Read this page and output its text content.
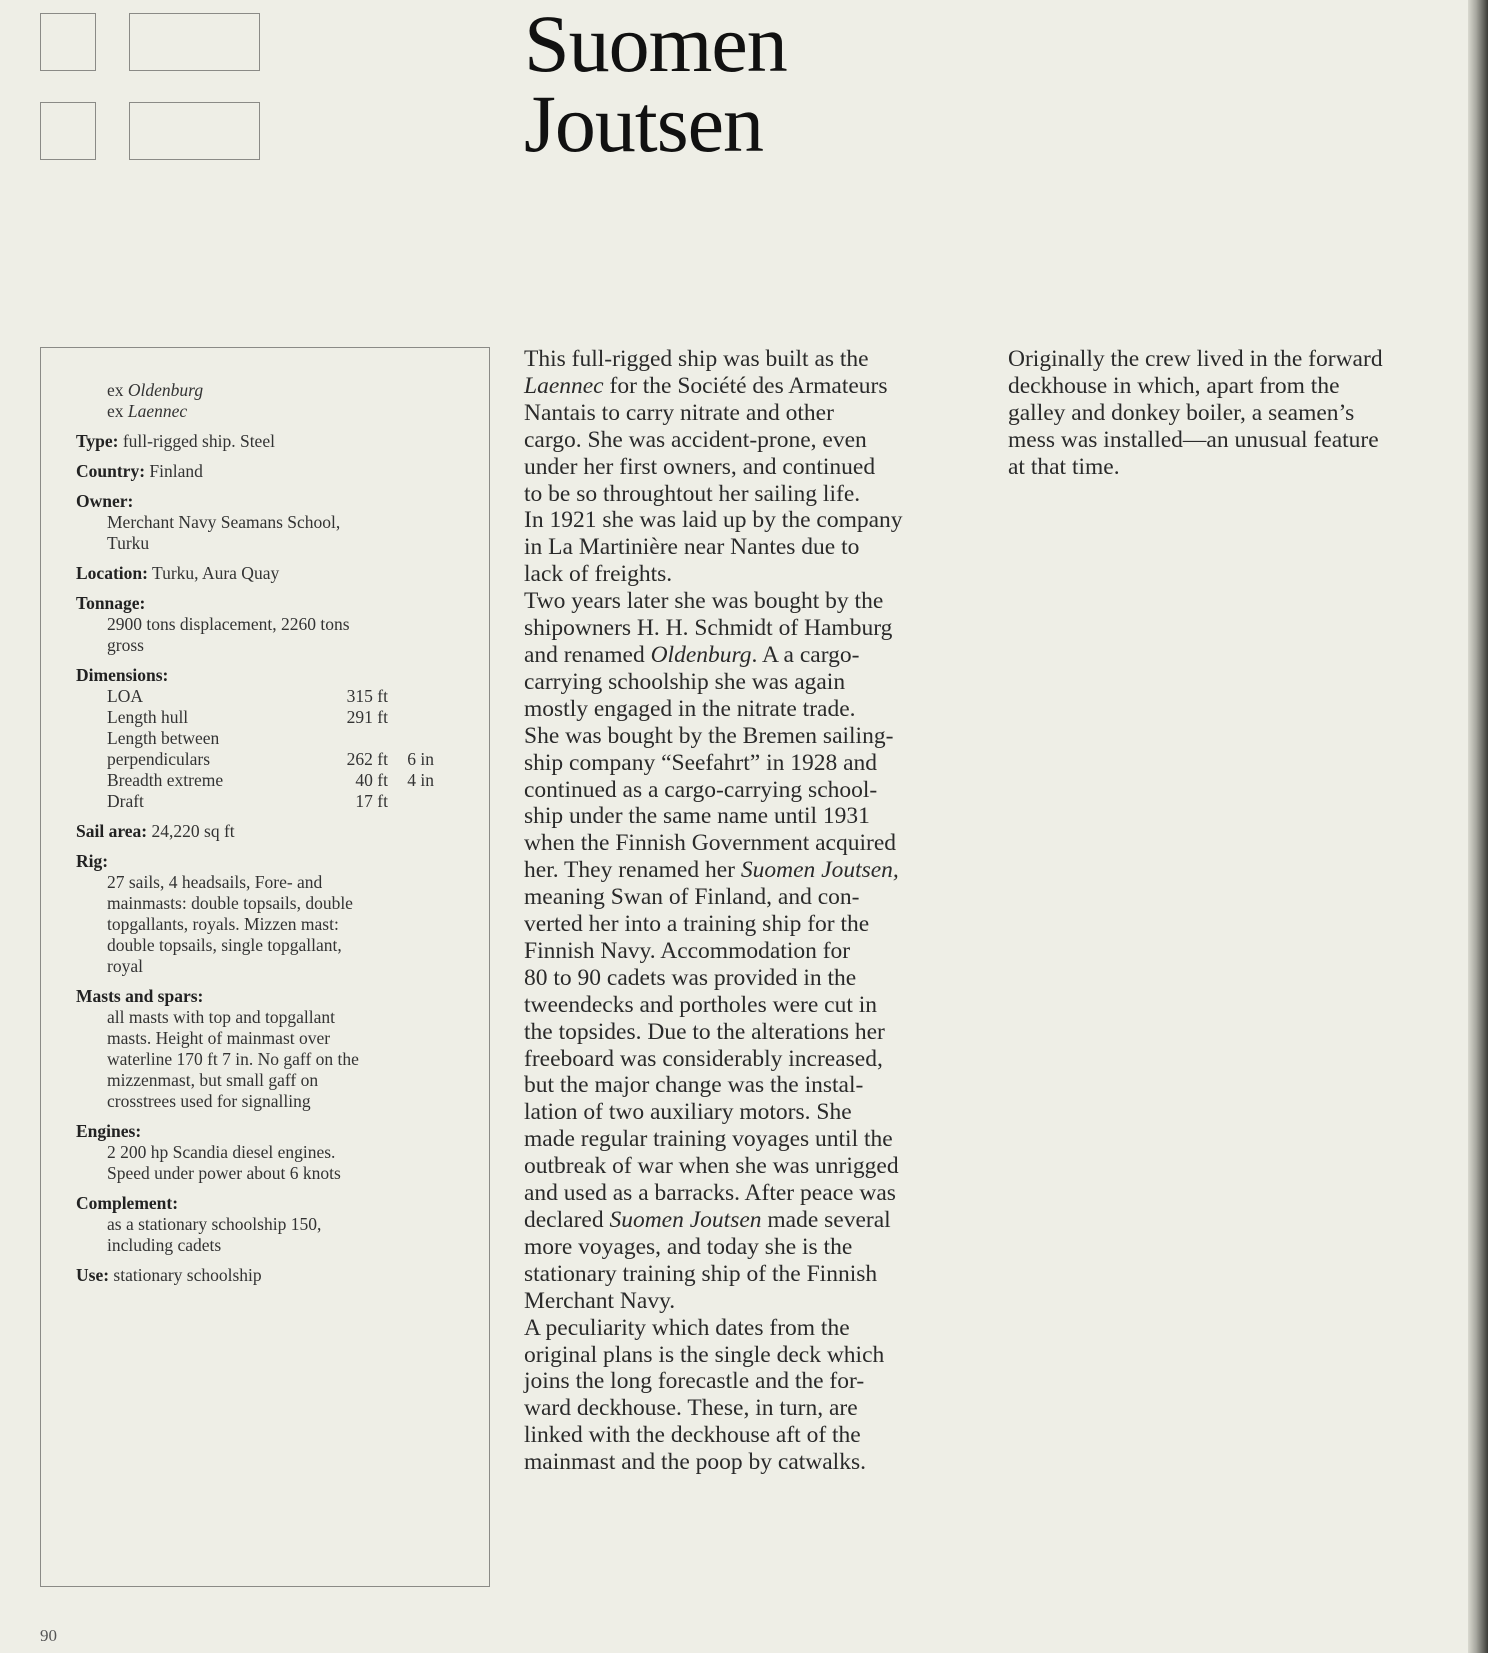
Suomen
Joutsen
ex Oldenburg
ex Laennec
Type: full-rigged ship. Steel
Country: Finland
Owner:
Merchant Navy Seamans School,
Turku
Location: Turku, Aura Quay
Tonnage:
2900 tons displacement, 2260 tons
gross
Dimensions:
LOA	315 ft	
Length hull	291 ft	
Length between		
perpendiculars	262 ft	6 in
Breadth extreme	40 ft	4 in
Draft	17 ft	
Sail area: 24,220 sq ft
Rig:
27 sails, 4 headsails, Fore- and
mainmasts: double topsails, double
topgallants, royals. Mizzen mast:
double topsails, single topgallant,
royal
Masts and spars:
all masts with top and topgallant
masts. Height of mainmast over
waterline 170 ft 7 in. No gaff on the
mizzenmast, but small gaff on
crosstrees used for signalling
Engines:
2 200 hp Scandia diesel engines.
Speed under power about 6 knots
Complement:
as a stationary schoolship 150,
including cadets
Use: stationary schoolship

This full-rigged ship was built as the

Laennec for the Société des Armateurs

Nantais to carry nitrate and other

cargo. She was accident-prone, even

under her first owners, and continued

to be so throughtout her sailing life.

In 1921 she was laid up by the company

in La Martinière near Nantes due to

lack of freights.

Two years later she was bought by the

shipowners H. H. Schmidt of Hamburg

and renamed Oldenburg. A a cargo-

carrying schoolship she was again

mostly engaged in the nitrate trade.

She was bought by the Bremen sailing-

ship company “Seefahrt” in 1928 and

continued as a cargo-carrying school-

ship under the same name until 1931

when the Finnish Government acquired

her. They renamed her Suomen Joutsen,

meaning Swan of Finland, and con-

verted her into a training ship for the

Finnish Navy. Accommodation for

80 to 90 cadets was provided in the

tweendecks and portholes were cut in

the topsides. Due to the alterations her

freeboard was considerably increased,

but the major change was the instal-

lation of two auxiliary motors. She

made regular training voyages until the

outbreak of war when she was unrigged

and used as a barracks. After peace was

declared Suomen Joutsen made several

more voyages, and today she is the

stationary training ship of the Finnish

Merchant Navy.

A peculiarity which dates from the

original plans is the single deck which

joins the long forecastle and the for-

ward deckhouse. These, in turn, are

linked with the deckhouse aft of the

mainmast and the poop by catwalks.

Originally the crew lived in the forward

deckhouse in which, apart from the

galley and donkey boiler, a seamen’s

mess was installed—an unusual feature

at that time.

90
